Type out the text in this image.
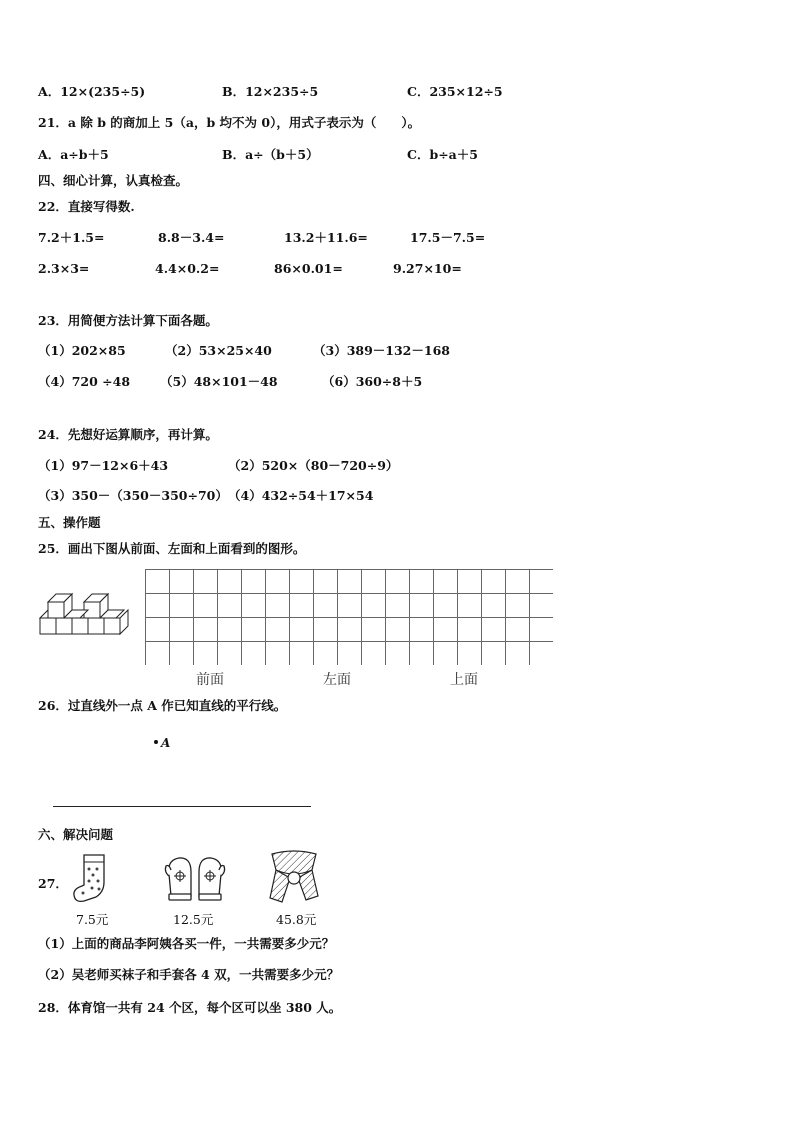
A．12×(235÷5)	B．12×235÷5	C．235×12÷5
21．a 除 b 的商加上 5（a，b 均不为 0），用式子表示为（　　）。
A．a÷b＋5	B．a÷（b＋5）	C．b÷a＋5
四、细心计算，认真检查。
22．直接写得数.
7.2＋1.5=	8.8－3.4=	13.2＋11.6=	17.5－7.5=
2.3×3=	4.4×0.2=	86×0.01=	9.27×10=
23．用简便方法计算下面各题。
（1）202×85	（2）53×25×40	（3）389－132－168
（4）720 ÷48 （5）48×101－48	（6）360÷8＋5
24．先想好运算顺序，再计算。
（1）97－12×6＋43	（2）520×（80－720÷9）
（3）350－（350－350÷70） （4）432÷54＋17×54
五、操作题
25．画出下图从前面、左面和上面看到的图形。
前面	左面	上面
26．过直线外一点 A 作已知直线的平行线。
A
六、解决问题
27．
7.5元	12.5元	45.8元
（1）上面的商品李阿姨各买一件，一共需要多少元？
（2）吴老师买袜子和手套各 4 双，一共需要多少元？
28．体育馆一共有 24 个区，每个区可以坐 380 人。
